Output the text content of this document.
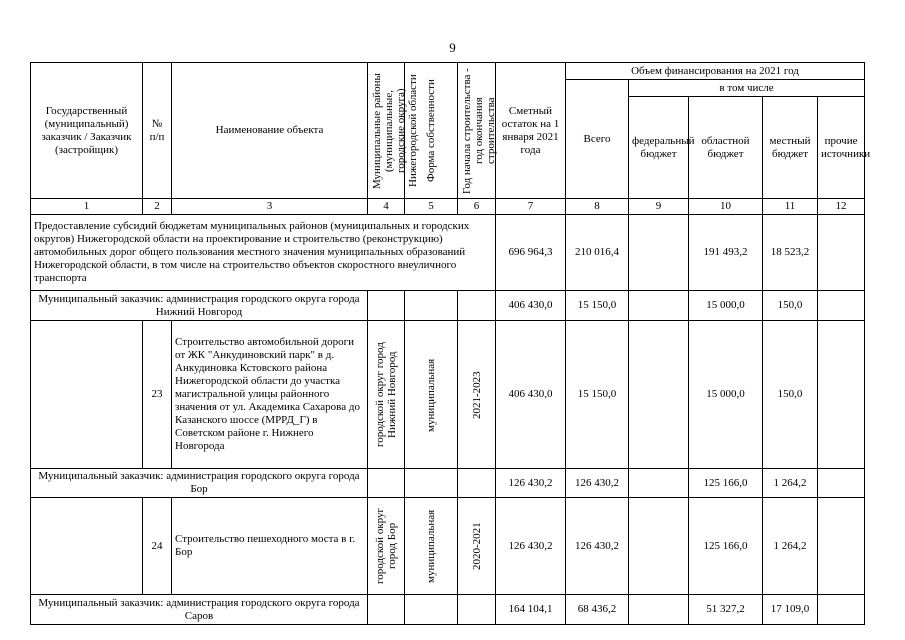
9
Государственный (муниципальный) заказчик / Заказчик (застройщик)	№ п/п	Наименование объекта	Муниципальные районы (муниципальные, городские округа) Нижегородской области	Форма собственности	Год начала строительства - год окончания строительства	Сметный остаток на 1 января 2021 года	Объем финансирования на 2021 год				
							Всего	в том числе			
								федеральный бюджет	областной бюджет	местный бюджет	прочие источники
1	2	3	4	5	6	7	8	9	10	11	12
Предоставление субсидий бюджетам муниципальных районов (муниципальных и городских округов) Нижегородской области на проектирование и строительство (реконструкцию) автомобильных дорог общего пользования местного значения муниципальных образований Нижегородской области, в том числе на строительство объектов скоростного внеуличного транспорта						696 964,3	210 016,4		191 493,2	18 523,2	
Муниципальный заказчик: администрация городского округа города Нижний Новгород						406 430,0	15 150,0		15 000,0	150,0	
	23	Строительство автомобильной дороги от ЖК "Анкудиновский парк" в д. Анкудиновка Кстовского района Нижегородской области до участка магистральной улицы районного значения от ул. Академика Сахарова до Казанского шоссе (МРРД_Г) в Советском районе г. Нижнего Новгорода	городской округ город Нижний Новгород	муниципальная	2021-2023	406 430,0	15 150,0		15 000,0	150,0	
Муниципальный заказчик: администрация городского округа города Бор						126 430,2	126 430,2		125 166,0	1 264,2	
	24	Строительство пешеходного моста в г. Бор	городской округ город Бор	муниципальная	2020-2021	126 430,2	126 430,2		125 166,0	1 264,2	
Муниципальный заказчик: администрация городского округа города Саров						164 104,1	68 436,2		51 327,2	17 109,0	
